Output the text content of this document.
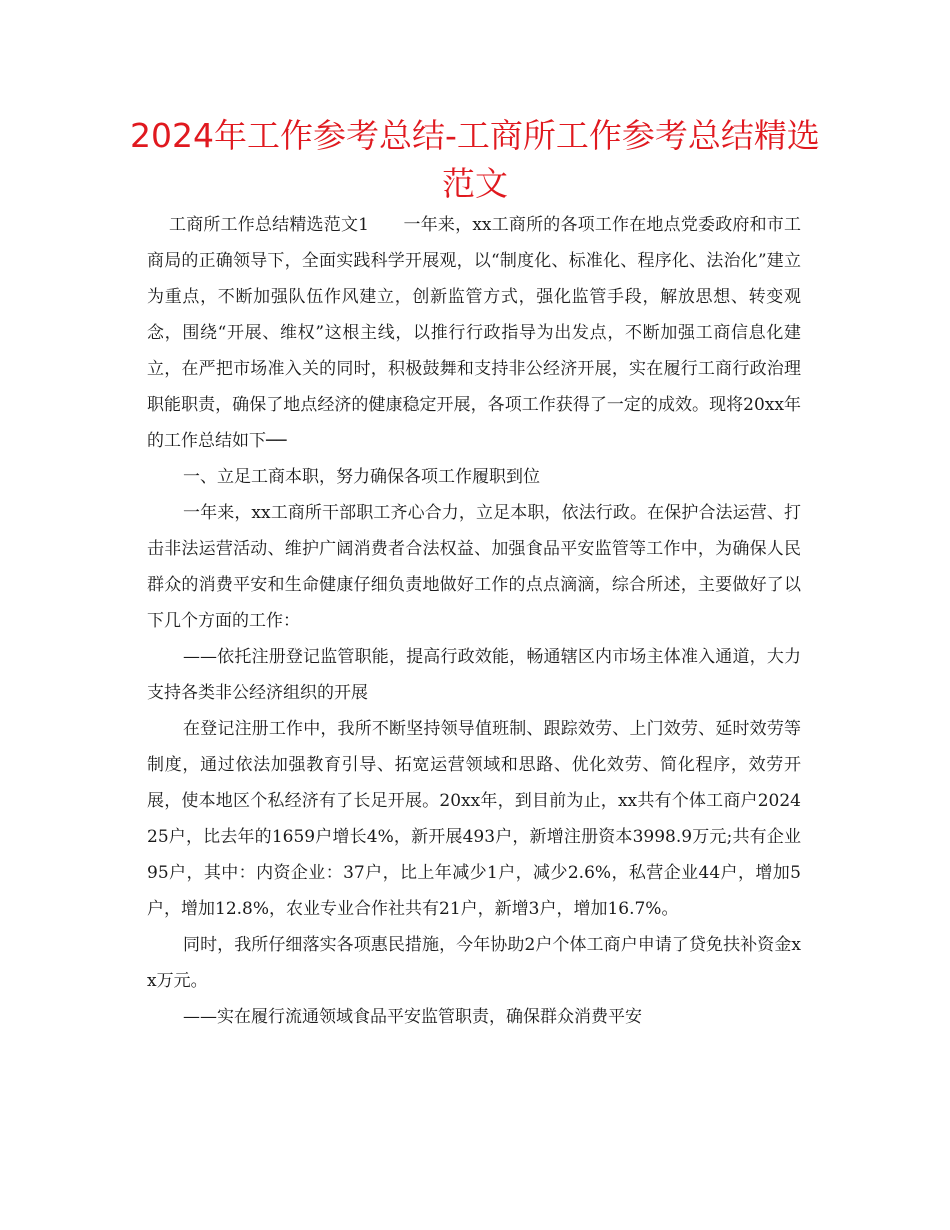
2024年工作参考总结-工商所工作参考总结精选范文

工商所工作总结精选范文1　　一年来，xx工商所的各项工作在地点党委政府和市工商局的正确领导下，全面实践科学开展观，以“制度化、标准化、程序化、法治化”建立为重点，不断加强队伍作风建立，创新监管方式，强化监管手段，解放思想、转变观念，围绕“开展、维权”这根主线，以推行行政指导为出发点，不断加强工商信息化建立，在严把市场准入关的同时，积极鼓舞和支持非公经济开展，实在履行工商行政治理职能职责，确保了地点经济的健康稳定开展，各项工作获得了一定的成效。现将20xx年的工作总结如下──

一、立足工商本职，努力确保各项工作履职到位

一年来，xx工商所干部职工齐心合力，立足本职，依法行政。在保护合法运营、打击非法运营活动、维护广阔消费者合法权益、加强食品平安监管等工作中，为确保人民群众的消费平安和生命健康仔细负责地做好工作的点点滴滴，综合所述，主要做好了以下几个方面的工作：

——依托注册登记监管职能，提高行政效能，畅通辖区内市场主体准入通道，大力支持各类非公经济组织的开展

在登记注册工作中，我所不断坚持领导值班制、跟踪效劳、上门效劳、延时效劳等制度，通过依法加强教育引导、拓宽运营领域和思路、优化效劳、简化程序，效劳开展，使本地区个私经济有了长足开展。20xx年，到目前为止，xx共有个体工商户202425户，比去年的1659户增长4%，新开展493户，新增注册资本3998.9万元;共有企业95户，其中：内资企业：37户，比上年减少1户，减少2.6%，私营企业44户，增加5户，增加12.8%，农业专业合作社共有21户，新增3户，增加16.7%。

同时，我所仔细落实各项惠民措施，今年协助2户个体工商户申请了贷免扶补资金xx万元。

——实在履行流通领域食品平安监管职责，确保群众消费平安
